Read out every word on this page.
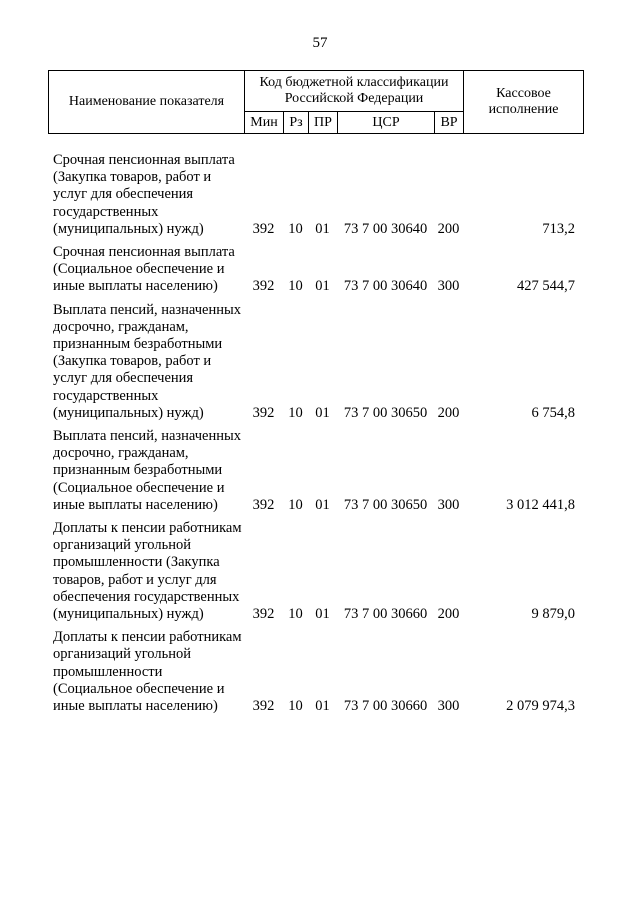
57
Наименование показателя	Код бюджетной классификации Российской Федерации					Кассовое исполнение
	Мин	Рз	ПР	ЦСР	ВР	
Срочная пенсионная выплата (Закупка товаров, работ и услуг для обеспечения государственных (муниципальных) нужд)	392	10	01	73 7 00 30640	200	713,2
Срочная пенсионная выплата (Социальное обеспечение и иные выплаты населению)	392	10	01	73 7 00 30640	300	427 544,7
Выплата пенсий, назначенных досрочно, гражданам, признанным безработными (Закупка товаров, работ и услуг для обеспечения государственных (муниципальных) нужд)	392	10	01	73 7 00 30650	200	6 754,8
Выплата пенсий, назначенных досрочно, гражданам, признанным безработными (Социальное обеспечение и иные выплаты населению)	392	10	01	73 7 00 30650	300	3 012 441,8
Доплаты к пенсии работникам организаций угольной промышленности (Закупка товаров, работ и услуг для обеспечения государственных (муниципальных) нужд)	392	10	01	73 7 00 30660	200	9 879,0
Доплаты к пенсии работникам организаций угольной промышленности (Социальное обеспечение и иные выплаты населению)	392	10	01	73 7 00 30660	300	2 079 974,3
